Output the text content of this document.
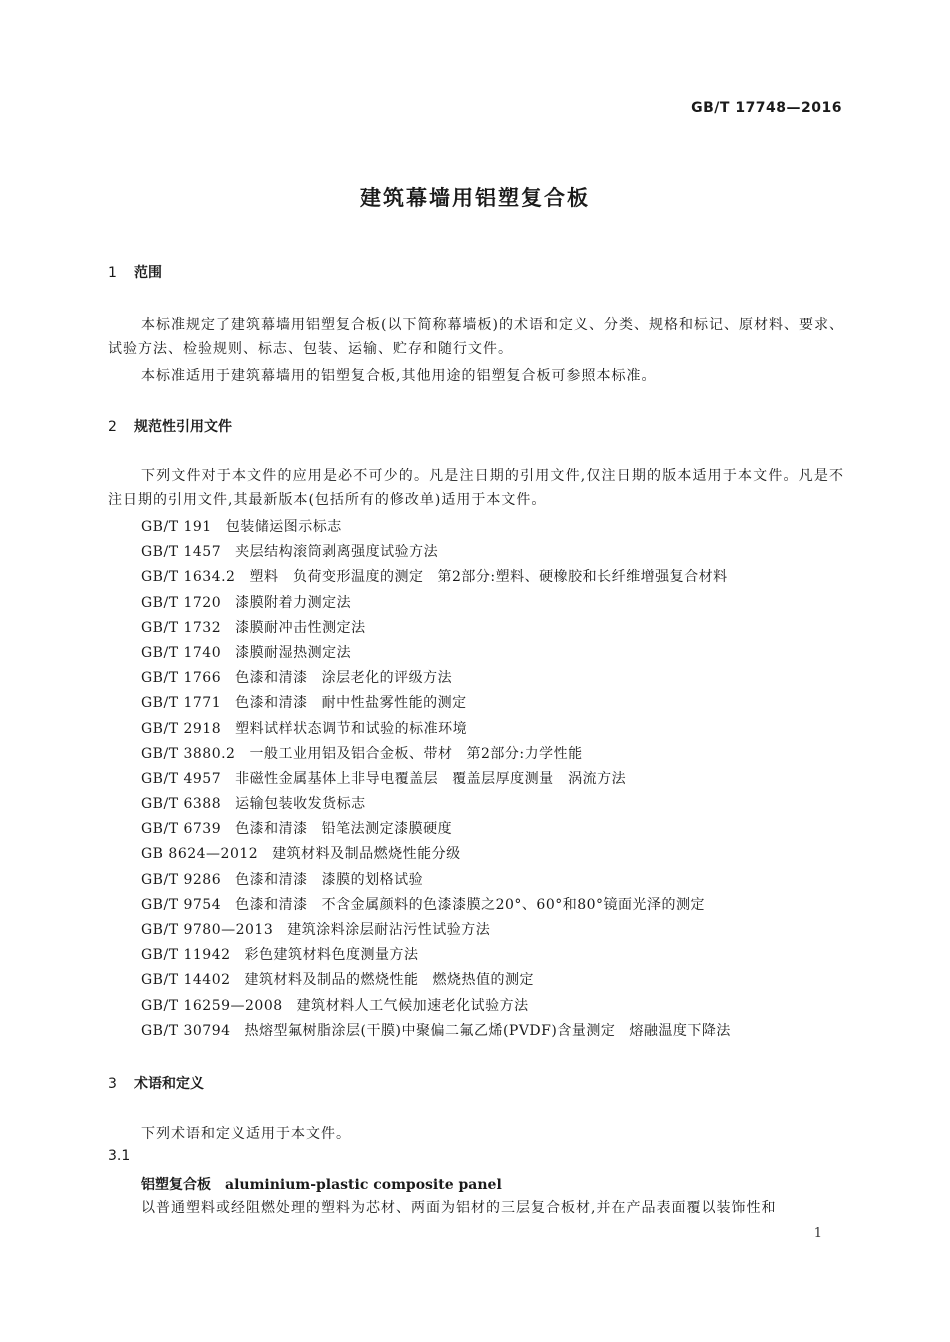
GB/T 17748—2016
建筑幕墙用铝塑复合板
1 范围
本标准规定了建筑幕墙用铝塑复合板(以下简称幕墙板)的术语和定义、分类、规格和标记、原材料、要求、试验方法、检验规则、标志、包装、运输、贮存和随行文件。
本标准适用于建筑幕墙用的铝塑复合板,其他用途的铝塑复合板可参照本标准。
2 规范性引用文件
下列文件对于本文件的应用是必不可少的。凡是注日期的引用文件,仅注日期的版本适用于本文件。凡是不注日期的引用文件,其最新版本(包括所有的修改单)适用于本文件。
GB/T 191 包装储运图示标志
GB/T 1457 夹层结构滚筒剥离强度试验方法
GB/T 1634.2 塑料　负荷变形温度的测定 第2部分:塑料、硬橡胶和长纤维增强复合材料
GB/T 1720 漆膜附着力测定法
GB/T 1732 漆膜耐冲击性测定法
GB/T 1740 漆膜耐湿热测定法
GB/T 1766 色漆和清漆 涂层老化的评级方法
GB/T 1771 色漆和清漆 耐中性盐雾性能的测定
GB/T 2918 塑料试样状态调节和试验的标准环境
GB/T 3880.2 一般工业用铝及铝合金板、带材 第2部分:力学性能
GB/T 4957 非磁性金属基体上非导电覆盖层 覆盖层厚度测量　涡流方法
GB/T 6388 运输包装收发货标志
GB/T 6739 色漆和清漆 铅笔法测定漆膜硬度
GB 8624—2012 建筑材料及制品燃烧性能分级
GB/T 9286 色漆和清漆 漆膜的划格试验
GB/T 9754 色漆和清漆 不含金属颜料的色漆漆膜之20°、60°和80°镜面光泽的测定
GB/T 9780—2013 建筑涂料涂层耐沾污性试验方法
GB/T 11942 彩色建筑材料色度测量方法
GB/T 14402 建筑材料及制品的燃烧性能 燃烧热值的测定
GB/T 16259—2008 建筑材料人工气候加速老化试验方法
GB/T 30794 热熔型氟树脂涂层(干膜)中聚偏二氟乙烯(PVDF)含量测定 熔融温度下降法
3 术语和定义
下列术语和定义适用于本文件。
3.1
铝塑复合板 aluminium-plastic composite panel
以普通塑料或经阻燃处理的塑料为芯材、两面为铝材的三层复合板材,并在产品表面覆以装饰性和
1
